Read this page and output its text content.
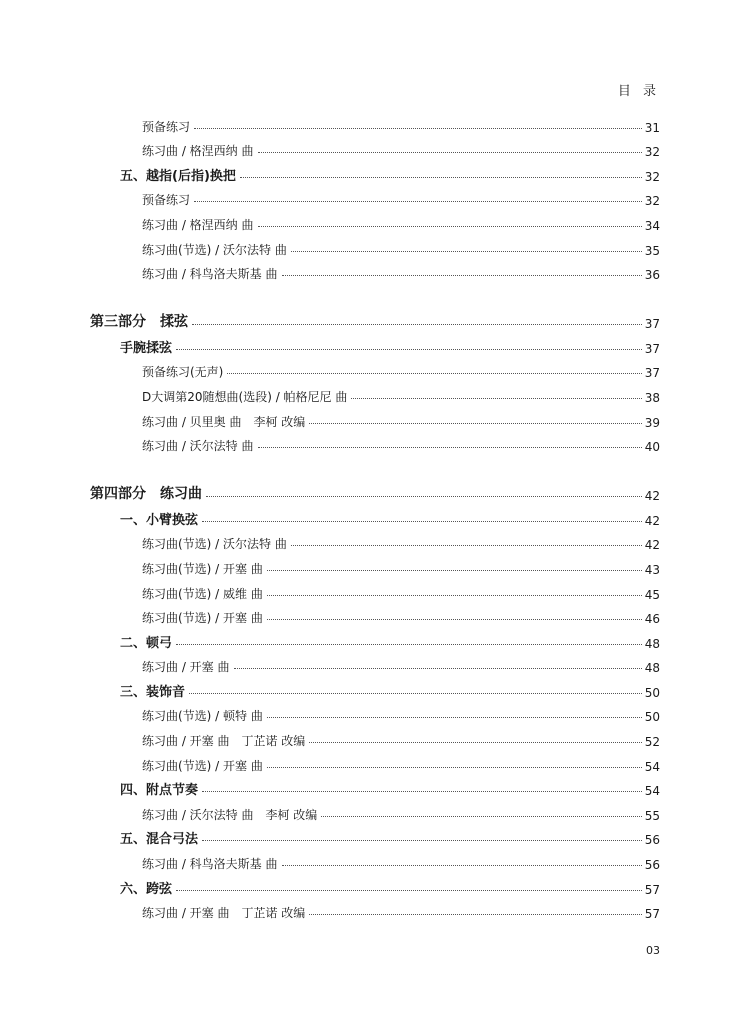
目 录
预备练习	31
练习曲 / 格涅西纳 曲	32
五、越指(后指)换把	32
预备练习	32
练习曲 / 格涅西纳 曲	34
练习曲(节选) / 沃尔法特 曲	35
练习曲 / 科鸟洛夫斯基 曲	36
第三部分　揉弦	37
手腕揉弦	37
预备练习(无声)	37
D大调第20随想曲(选段) / 帕格尼尼 曲	38
练习曲 / 贝里奥 曲　李柯 改编	39
练习曲 / 沃尔法特 曲	40
第四部分　练习曲	42
一、小臂换弦	42
练习曲(节选) / 沃尔法特 曲	42
练习曲(节选) / 开塞 曲	43
练习曲(节选) / 威维 曲	45
练习曲(节选) / 开塞 曲	46
二、顿弓	48
练习曲 / 开塞 曲	48
三、装饰音	50
练习曲(节选) / 顿特 曲	50
练习曲 / 开塞 曲　丁芷诺 改编	52
练习曲(节选) / 开塞 曲	54
四、附点节奏	54
练习曲 / 沃尔法特 曲　李柯 改编	55
五、混合弓法	56
练习曲 / 科鸟洛夫斯基 曲	56
六、跨弦	57
练习曲 / 开塞 曲　丁芷诺 改编	57
03
